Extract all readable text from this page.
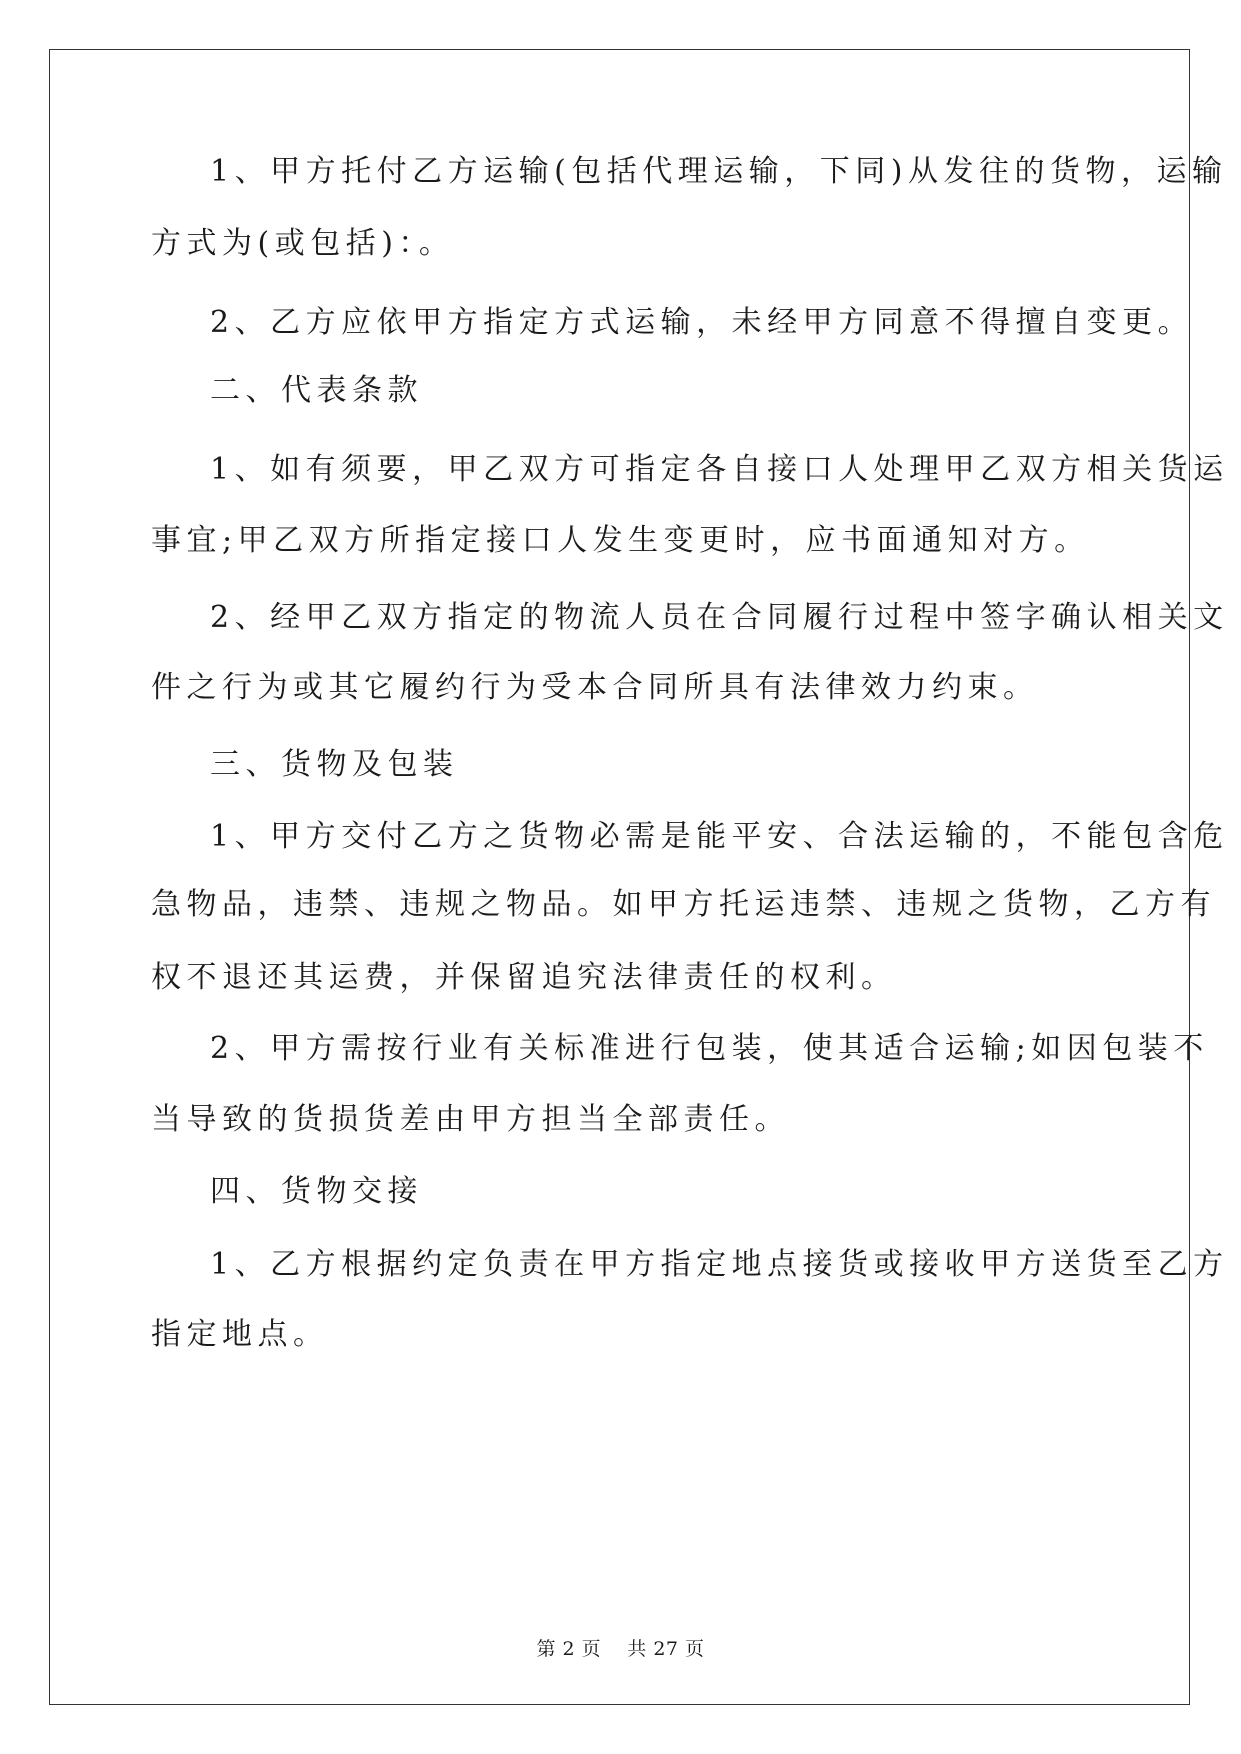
1、甲方托付乙方运输(包括代理运输，下同)从发往的货物，运输
方式为(或包括)：。
2、乙方应依甲方指定方式运输，未经甲方同意不得擅自变更。
二、代表条款
1、如有须要，甲乙双方可指定各自接口人处理甲乙双方相关货运
事宜;甲乙双方所指定接口人发生变更时，应书面通知对方。
2、经甲乙双方指定的物流人员在合同履行过程中签字确认相关文
件之行为或其它履约行为受本合同所具有法律效力约束。
三、货物及包装
1、甲方交付乙方之货物必需是能平安、合法运输的，不能包含危
急物品，违禁、违规之物品。如甲方托运违禁、违规之货物，乙方有
权不退还其运费，并保留追究法律责任的权利。
2、甲方需按行业有关标准进行包装，使其适合运输;如因包装不
当导致的货损货差由甲方担当全部责任。
四、货物交接
1、乙方根据约定负责在甲方指定地点接货或接收甲方送货至乙方
指定地点。
第 2 页 共 27 页
